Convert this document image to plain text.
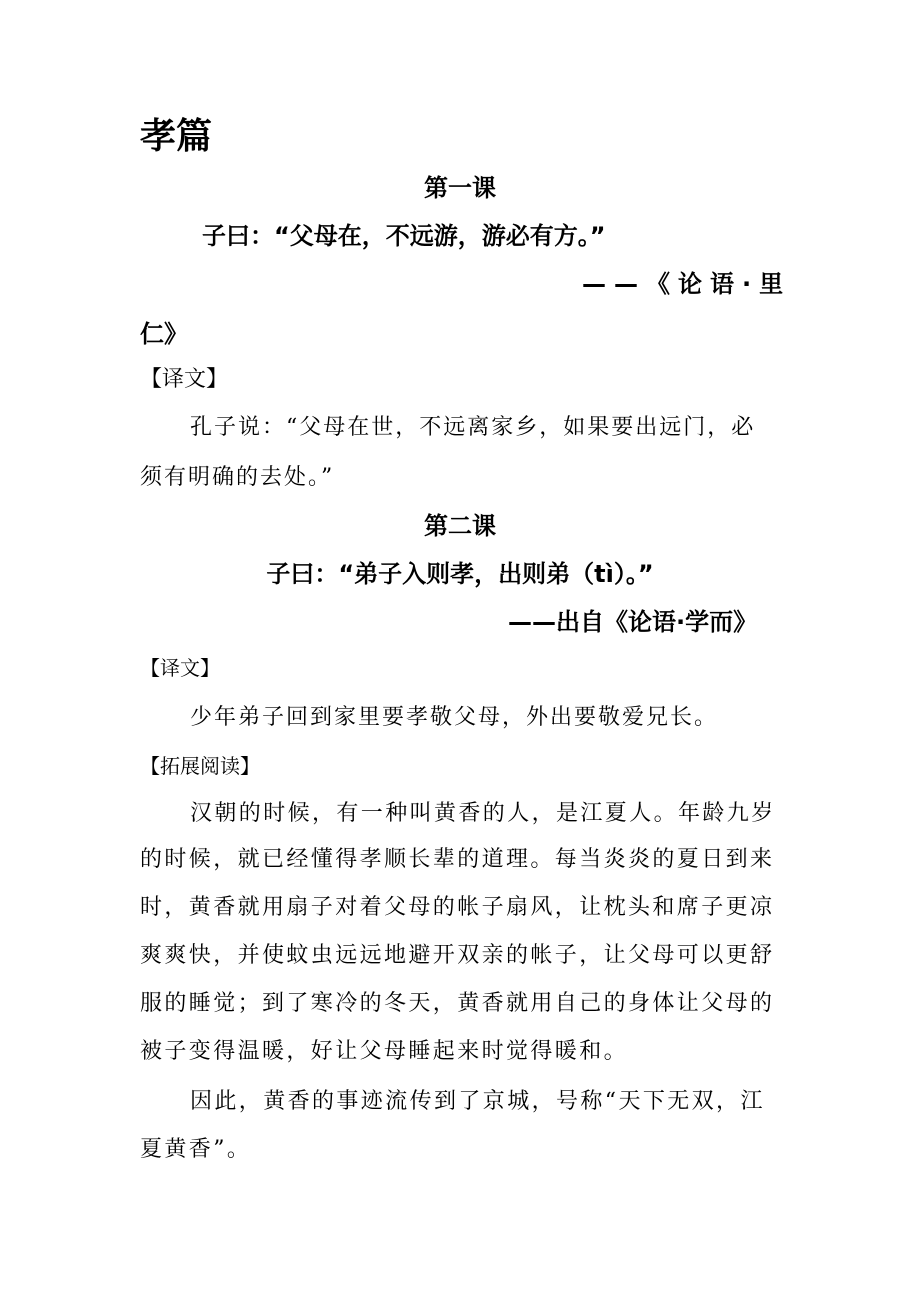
孝篇
第一课
子曰：“父母在，不远游，游必有方。”
——《论语·里
仁》
【译文】
孔子说：“父母在世，不远离家乡，如果要出远门，必
须有明确的去处。”
第二课
子曰：“弟子入则孝，出则弟（tì）。”
——出自《论语·学而》
【译文】
少年弟子回到家里要孝敬父母，外出要敬爱兄长。
【拓展阅读】
汉朝的时候，有一种叫黄香的人，是江夏人。年龄九岁
的时候，就已经懂得孝顺长辈的道理。每当炎炎的夏日到来
时，黄香就用扇子对着父母的帐子扇风，让枕头和席子更凉
爽爽快，并使蚊虫远远地避开双亲的帐子，让父母可以更舒
服的睡觉；到了寒冷的冬天，黄香就用自己的身体让父母的
被子变得温暖，好让父母睡起来时觉得暖和。
因此，黄香的事迹流传到了京城，号称“天下无双，江
夏黄香”。
